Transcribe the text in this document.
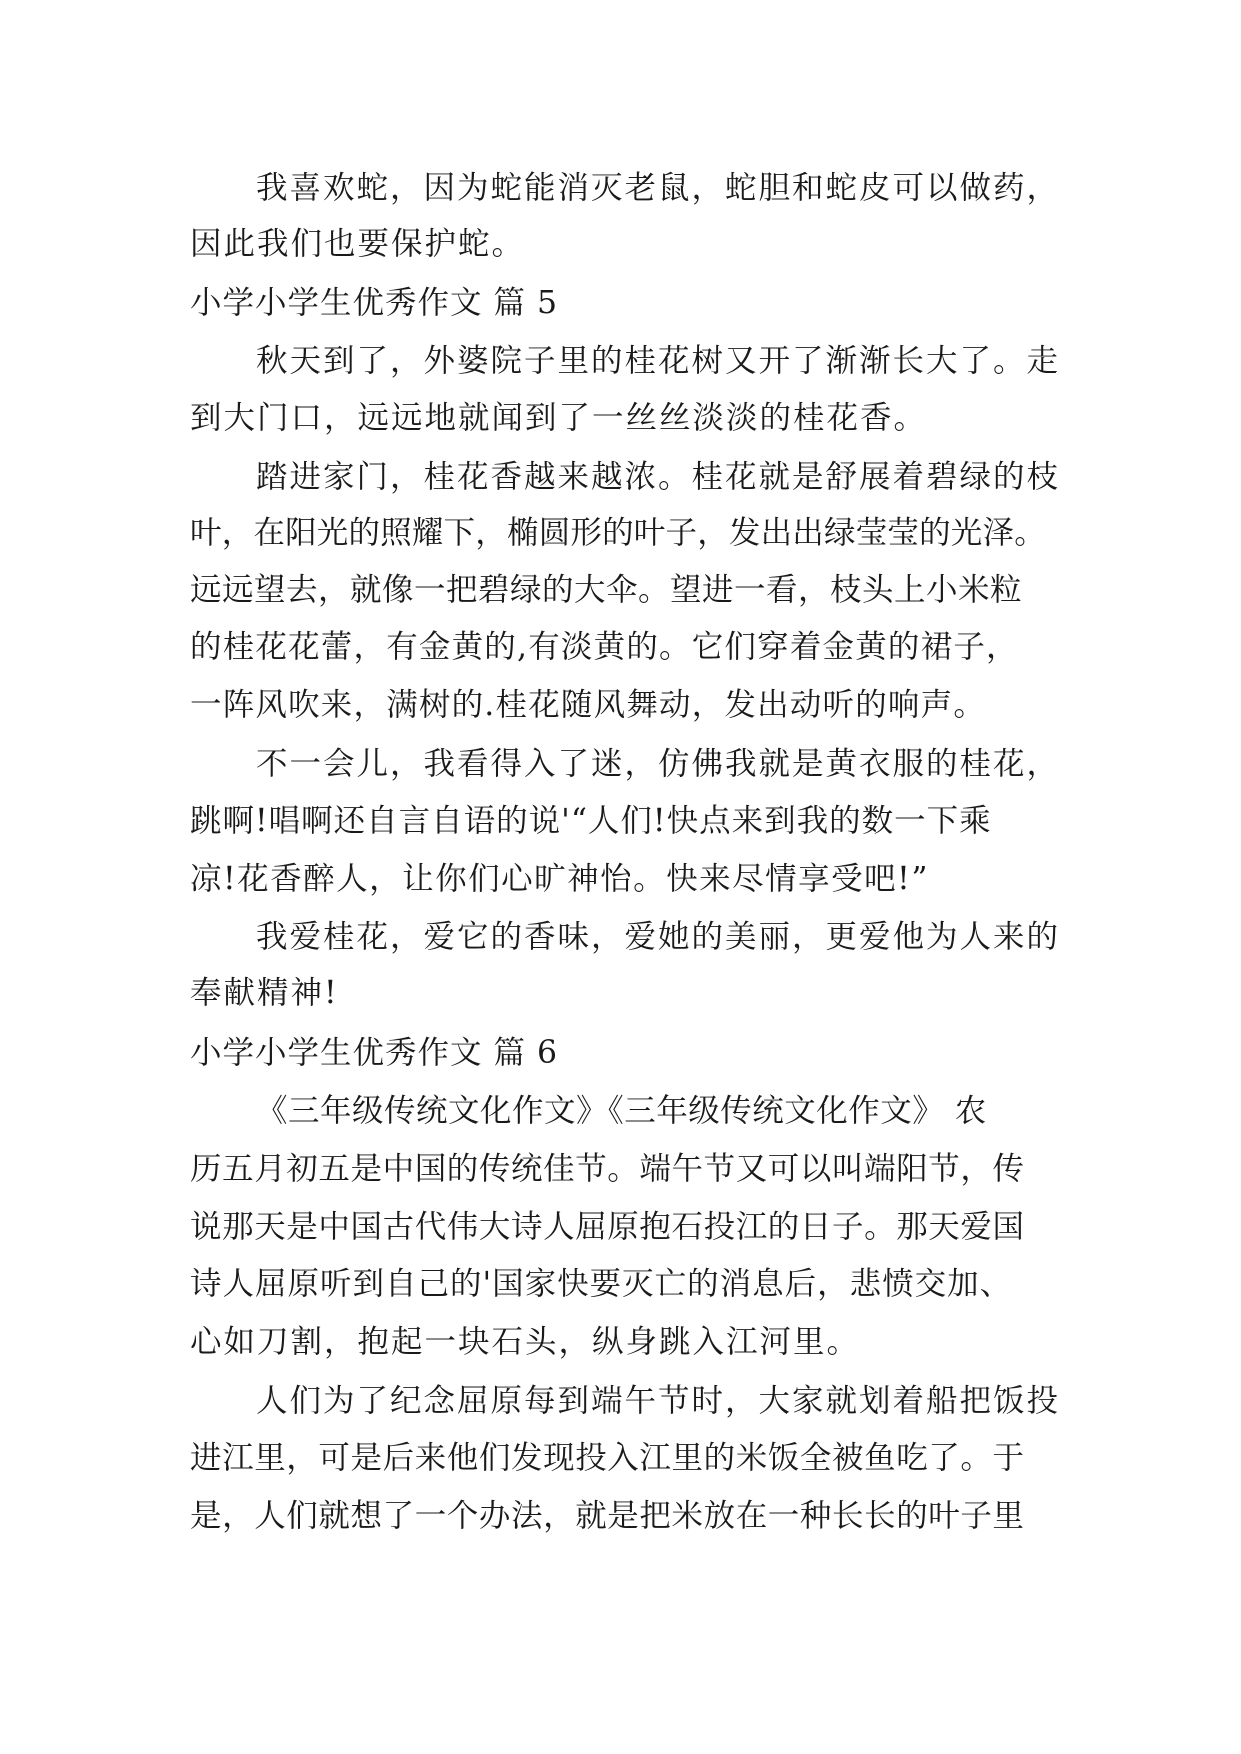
我喜欢蛇，因为蛇能消灭老鼠，蛇胆和蛇皮可以做药，
因此我们也要保护蛇。
小学小学生优秀作文 篇 5
秋天到了，外婆院子里的桂花树又开了渐渐长大了。走
到大门口，远远地就闻到了一丝丝淡淡的桂花香。
踏进家门，桂花香越来越浓。桂花就是舒展着碧绿的枝
叶，在阳光的照耀下，椭圆形的叶子，发出出绿莹莹的光泽。
远远望去，就像一把碧绿的大伞。望进一看，枝头上小米粒
的桂花花蕾，有金黄的,有淡黄的。它们穿着金黄的裙子，
一阵风吹来，满树的.桂花随风舞动，发出动听的响声。
不一会儿，我看得入了迷，仿佛我就是黄衣服的桂花，
跳啊!唱啊还自言自语的说'“人们!快点来到我的数一下乘
凉!花香醉人，让你们心旷神怡。快来尽情享受吧!”
我爱桂花，爱它的香味，爱她的美丽，更爱他为人来的
奉献精神!
小学小学生优秀作文 篇 6
《三年级传统文化作文》《三年级传统文化作文》 农
历五月初五是中国的传统佳节。端午节又可以叫端阳节，传
说那天是中国古代伟大诗人屈原抱石投江的日子。那天爱国
诗人屈原听到自己的'国家快要灭亡的消息后，悲愤交加、
心如刀割，抱起一块石头，纵身跳入江河里。
人们为了纪念屈原每到端午节时，大家就划着船把饭投
进江里，可是后来他们发现投入江里的米饭全被鱼吃了。于
是，人们就想了一个办法，就是把米放在一种长长的叶子里
